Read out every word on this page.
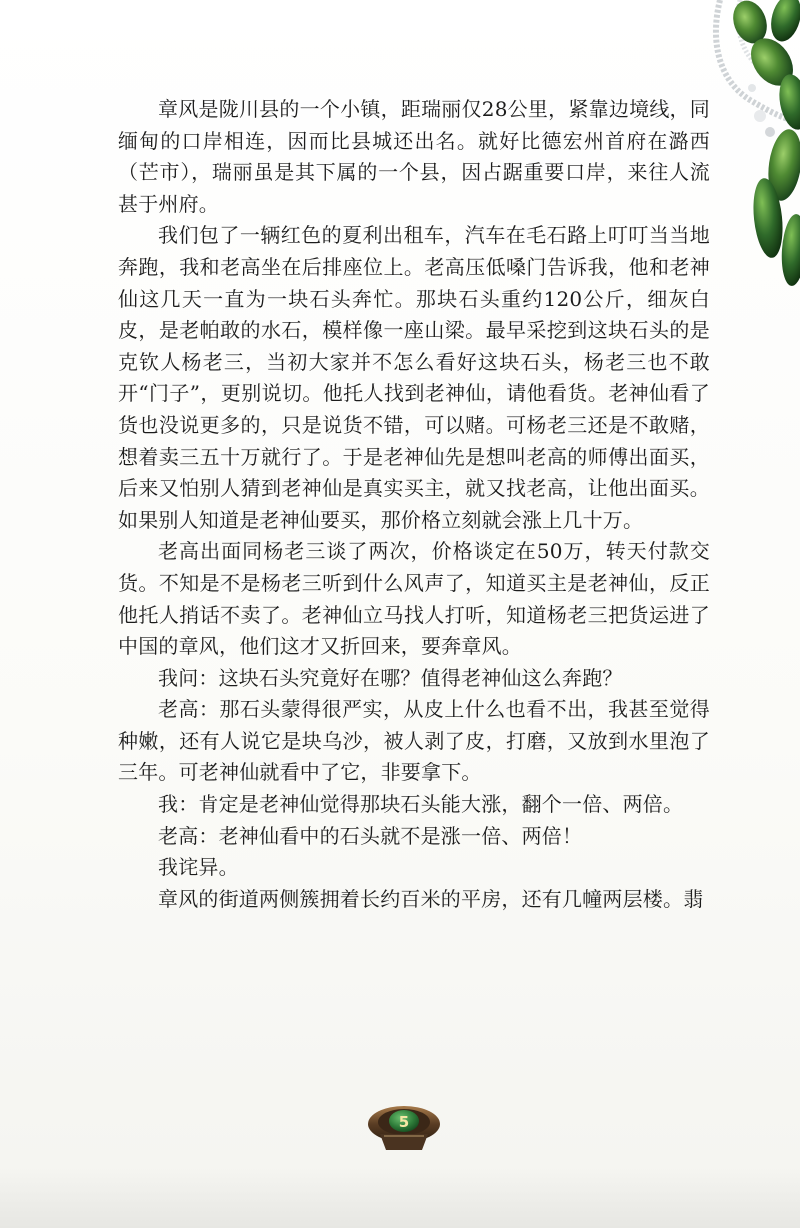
章风是陇川县的一个小镇，距瑞丽仅28公里，紧靠边境线，同缅甸的口岸相连，因而比县城还出名。就好比德宏州首府在潞西（芒市），瑞丽虽是其下属的一个县，因占踞重要口岸，来往人流甚于州府。

我们包了一辆红色的夏利出租车，汽车在毛石路上叮叮当当地奔跑，我和老高坐在后排座位上。老高压低嗓门告诉我，他和老神仙这几天一直为一块石头奔忙。那块石头重约120公斤，细灰白皮，是老帕敢的水石，模样像一座山梁。最早采挖到这块石头的是克钦人杨老三，当初大家并不怎么看好这块石头，杨老三也不敢开“门子”，更别说切。他托人找到老神仙，请他看货。老神仙看了货也没说更多的，只是说货不错，可以赌。可杨老三还是不敢赌，想着卖三五十万就行了。于是老神仙先是想叫老高的师傅出面买，后来又怕别人猜到老神仙是真实买主，就又找老高，让他出面买。如果别人知道是老神仙要买，那价格立刻就会涨上几十万。

老高出面同杨老三谈了两次，价格谈定在50万，转天付款交货。不知是不是杨老三听到什么风声了，知道买主是老神仙，反正他托人捎话不卖了。老神仙立马找人打听，知道杨老三把货运进了中国的章风，他们这才又折回来，要奔章风。

我问：这块石头究竟好在哪？值得老神仙这么奔跑？

老高：那石头蒙得很严实，从皮上什么也看不出，我甚至觉得种嫩，还有人说它是块乌沙，被人剥了皮，打磨，又放到水里泡了三年。可老神仙就看中了它，非要拿下。

我：肯定是老神仙觉得那块石头能大涨，翻个一倍、两倍。

老高：老神仙看中的石头就不是涨一倍、两倍！

我诧异。

章风的街道两侧簇拥着长约百米的平房，还有几幢两层楼。翡

5
